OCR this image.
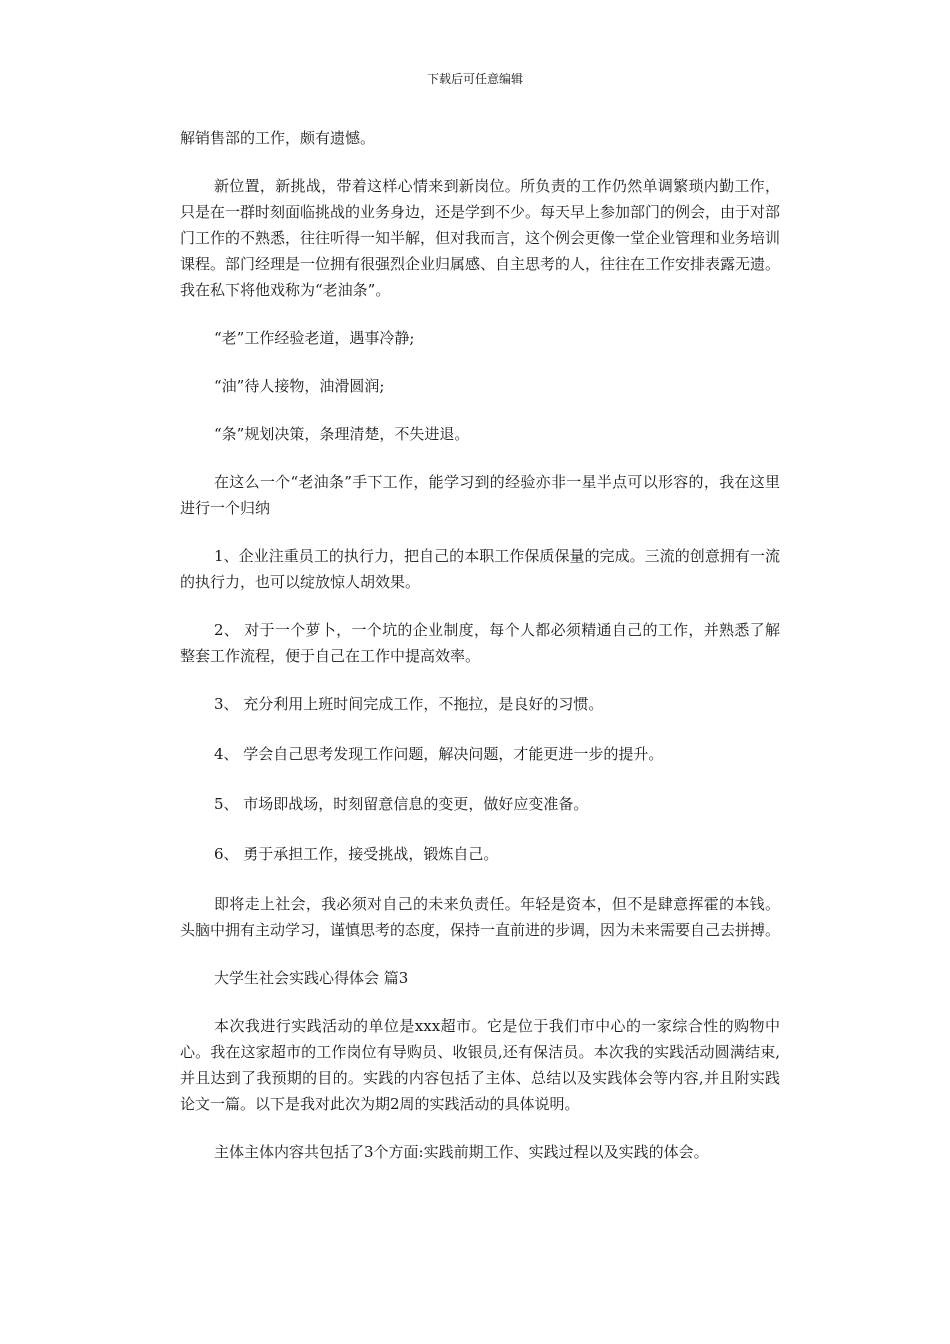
下载后可任意编辑

解销售部的工作，颇有遗憾。

新位置，新挑战，带着这样心情来到新岗位。所负责的工作仍然单调繁琐内勤工作，只是在一群时刻面临挑战的业务身边，还是学到不少。每天早上参加部门的例会，由于对部门工作的不熟悉，往往听得一知半解，但对我而言，这个例会更像一堂企业管理和业务培训课程。部门经理是一位拥有很强烈企业归属感、自主思考的人，往往在工作安排表露无遗。我在私下将他戏称为“老油条”。

“老”工作经验老道，遇事冷静;

“油”待人接物，油滑圆润;

“条”规划决策，条理清楚，不失进退。

在这么一个“老油条”手下工作，能学习到的经验亦非一星半点可以形容的，我在这里进行一个归纳

1、企业注重员工的执行力，把自己的本职工作保质保量的完成。三流的创意拥有一流的执行力，也可以绽放惊人胡效果。

2、 对于一个萝卜，一个坑的企业制度，每个人都必须精通自己的工作，并熟悉了解整套工作流程，便于自己在工作中提高效率。

3、 充分利用上班时间完成工作，不拖拉，是良好的习惯。

4、 学会自己思考发现工作问题，解决问题，才能更进一步的提升。

5、 市场即战场，时刻留意信息的变更，做好应变准备。

6、 勇于承担工作，接受挑战，锻炼自己。

即将走上社会，我必须对自己的未来负责任。年轻是资本，但不是肆意挥霍的本钱。头脑中拥有主动学习，谨慎思考的态度，保持一直前进的步调，因为未来需要自己去拼搏。

大学生社会实践心得体会 篇3

本次我进行实践活动的单位是xxx超市。它是位于我们市中心的一家综合性的购物中心。我在这家超市的工作岗位有导购员、收银员,还有保洁员。本次我的实践活动圆满结束,并且达到了我预期的目的。实践的内容包括了主体、总结以及实践体会等内容,并且附实践论文一篇。以下是我对此次为期2周的实践活动的具体说明。

主体主体内容共包括了3个方面:实践前期工作、实践过程以及实践的体会。
